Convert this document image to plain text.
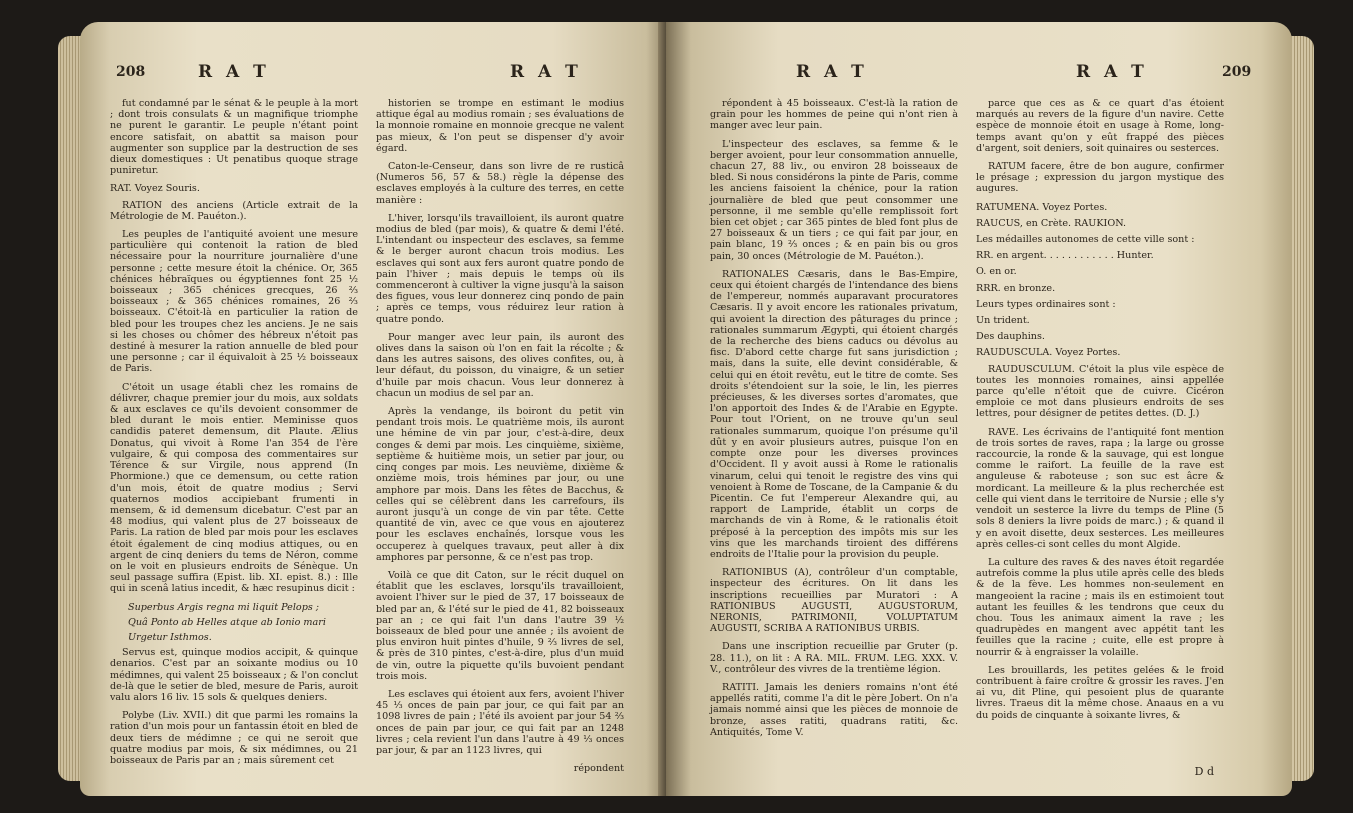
208	R A T	R A T

fut condamné par le sénat & le peuple à la mort ; dont trois consulats & un magnifique triomphe ne purent le garantir. Le peuple n'étant point encore satisfait, on abattit sa maison pour augmenter son supplice par la destruction de ses dieux domestiques : Ut penatibus quoque strage puniretur.

RAT. Voyez Souris.

RATION des anciens (Article extrait de la Métrologie de M. Pauéton.).

Les peuples de l'antiquité avoient une mesure particulière qui contenoit la ration de bled nécessaire pour la nourriture journalière d'une personne ; cette mesure étoit la chénice. Or, 365 chénices hébraïques ou égyptiennes font 25 ½ boisseaux ; 365 chénices grecques, 26 ⅔ boisseaux ; & 365 chénices romaines, 26 ⅔ boisseaux. C'étoit-là en particulier la ration de bled pour les troupes chez les anciens. Je ne sais si les choses ou chômer des hébreux n'étoit pas destiné à mesurer la ration annuelle de bled pour une personne ; car il équivaloit à 25 ½ boisseaux de Paris.

C'étoit un usage établi chez les romains de délivrer, chaque premier jour du mois, aux soldats & aux esclaves ce qu'ils devoient consommer de bled durant le mois entier. Meminisse quos candidis pateret demensum, dit Plaute. Ælius Donatus, qui vivoit à Rome l'an 354 de l'ère vulgaire, & qui composa des commentaires sur Térence & sur Virgile, nous apprend (In Phormione.) que ce demensum, ou cette ration d'un mois, étoit de quatre modius ; Servi quaternos modios accipiebant frumenti in mensem, & id demensum dicebatur. C'est par an 48 modius, qui valent plus de 27 boisseaux de Paris. La ration de bled par mois pour les esclaves étoit également de cinq modius attiques, ou en argent de cinq deniers du tems de Néron, comme on le voit en plusieurs endroits de Sénèque. Un seul passage suffira (Epist. lib. XI. epist. 8.) : Ille qui in scenâ latius incedit, & hæc resupinus dicit :

Superbus Argis regna mi liquit Pelops ;

Quâ Ponto ab Helles atque ab Ionio mari

Urgetur Isthmos.

Servus est, quinque modios accipit, & quinque denarios. C'est par an soixante modius ou 10 médimnes, qui valent 25 boisseaux ; & l'on conclut de-là que le setier de bled, mesure de Paris, auroit valu alors 16 liv. 15 sols & quelques deniers.

Polybe (Liv. XVII.) dit que parmi les romains la ration d'un mois pour un fantassin étoit en bled de deux tiers de médimne ; ce qui ne seroit que quatre modius par mois, & six médimnes, ou 21 boisseaux de Paris par an ; mais sûrement cet

historien se trompe en estimant le modius attique égal au modius romain ; ses évaluations de la monnoie romaine en monnoie grecque ne valent pas mieux, & l'on peut se dispenser d'y avoir égard.

Caton-le-Censeur, dans son livre de re rusticâ (Numeros 56, 57 & 58.) règle la dépense des esclaves employés à la culture des terres, en cette manière :

L'hiver, lorsqu'ils travailloient, ils auront quatre modius de bled (par mois), & quatre & demi l'été. L'intendant ou inspecteur des esclaves, sa femme & le berger auront chacun trois modius. Les esclaves qui sont aux fers auront quatre pondo de pain l'hiver ; mais depuis le temps où ils commenceront à cultiver la vigne jusqu'à la saison des figues, vous leur donnerez cinq pondo de pain ; après ce temps, vous réduirez leur ration à quatre pondo.

Pour manger avec leur pain, ils auront des olives dans la saison où l'on en fait la récolte ; & dans les autres saisons, des olives confites, ou, à leur défaut, du poisson, du vinaigre, & un setier d'huile par mois chacun. Vous leur donnerez à chacun un modius de sel par an.

Après la vendange, ils boiront du petit vin pendant trois mois. Le quatrième mois, ils auront une hémine de vin par jour, c'est-à-dire, deux conges & demi par mois. Les cinquième, sixième, septième & huitième mois, un setier par jour, ou cinq conges par mois. Les neuvième, dixième & onzième mois, trois hémines par jour, ou une amphore par mois. Dans les fêtes de Bacchus, & celles qui se célèbrent dans les carrefours, ils auront jusqu'à un conge de vin par tête. Cette quantité de vin, avec ce que vous en ajouterez pour les esclaves enchaînés, lorsque vous les occuperez à quelques travaux, peut aller à dix amphores par personne, & ce n'est pas trop.

Voilà ce que dit Caton, sur le récit duquel on établit que les esclaves, lorsqu'ils travailloient, avoient l'hiver sur le pied de 37, 17 boisseaux de bled par an, & l'été sur le pied de 41, 82 boisseaux par an ; ce qui fait l'un dans l'autre 39 ½ boisseaux de bled pour une année ; ils avoient de plus environ huit pintes d'huile, 9 ⅔ livres de sel, & près de 310 pintes, c'est-à-dire, plus d'un muid de vin, outre la piquette qu'ils buvoient pendant trois mois.

Les esclaves qui étoient aux fers, avoient l'hiver 45 ⅓ onces de pain par jour, ce qui fait par an 1098 livres de pain ; l'été ils avoient par jour 54 ⅔ onces de pain par jour, ce qui fait par an 1248 livres ; cela revient l'un dans l'autre à 49 ⅓ onces par jour, & par an 1123 livres, qui

répondent
R A T	R A T	209

répondent à 45 boisseaux. C'est-là la ration de grain pour les hommes de peine qui n'ont rien à manger avec leur pain.

L'inspecteur des esclaves, sa femme & le berger avoient, pour leur consommation annuelle, chacun 27, 88 liv., ou environ 28 boisseaux de bled. Si nous considérons la pinte de Paris, comme les anciens faisoient la chénice, pour la ration journalière de bled que peut consommer une personne, il me semble qu'elle remplissoit fort bien cet objet ; car 365 pintes de bled font plus de 27 boisseaux & un tiers ; ce qui fait par jour, en pain blanc, 19 ⅔ onces ; & en pain bis ou gros pain, 30 onces (Métrologie de M. Pauéton.).

RATIONALES Cæsaris, dans le Bas-Empire, ceux qui étoient chargés de l'intendance des biens de l'empereur, nommés auparavant procuratores Cæsaris. Il y avoit encore les rationales privatum, qui avoient la direction des pâturages du prince ; rationales summarum Ægypti, qui étoient chargés de la recherche des biens caducs ou dévolus au fisc. D'abord cette charge fut sans jurisdiction ; mais, dans la suite, elle devint considérable, & celui qui en étoit revêtu, eut le titre de comte. Ses droits s'étendoient sur la soie, le lin, les pierres précieuses, & les diverses sortes d'aromates, que l'on apportoit des Indes & de l'Arabie en Egypte. Pour tout l'Orient, on ne trouve qu'un seul rationales summarum, quoique l'on présume qu'il dût y en avoir plusieurs autres, puisque l'on en compte onze pour les diverses provinces d'Occident. Il y avoit aussi à Rome le rationalis vinarum, celui qui tenoit le registre des vins qui venoient à Rome de Toscane, de la Campanie & du Picentin. Ce fut l'empereur Alexandre qui, au rapport de Lampride, établit un corps de marchands de vin à Rome, & le rationalis étoit préposé à la perception des impôts mis sur les vins que les marchands tiroient des différens endroits de l'Italie pour la provision du peuple.

RATIONIBUS (A), contrôleur d'un comptable, inspecteur des écritures. On lit dans les inscriptions recueillies par Muratori : A RATIONIBUS AUGUSTI, AUGUSTORUM, NERONIS, PATRIMONII, VOLUPTATUM AUGUSTI, SCRIBA A RATIONIBUS URBIS.

Dans une inscription recueillie par Gruter (p. 28. 11.), on lit : A RA. MIL. FRUM. LEG. XXX. V. V., contrôleur des vivres de la trentième légion.

RATITI. Jamais les deniers romains n'ont été appellés ratiti, comme l'a dit le père Jobert. On n'a jamais nommé ainsi que les pièces de monnoie de bronze, asses ratiti, quadrans ratiti, &c. Antiquités, Tome V.

parce que ces as & ce quart d'as étoient marqués au revers de la figure d'un navire. Cette espèce de monnoie étoit en usage à Rome, long-temps avant qu'on y eût frappé des pièces d'argent, soit deniers, soit quinaires ou sesterces.

RATUM facere, être de bon augure, confirmer le présage ; expression du jargon mystique des augures.

RATUMENA. Voyez Portes.

RAUCUS, en Crète. RAUKION.

Les médailles autonomes de cette ville sont :

RR. en argent. . . . . . . . . . . . Hunter.

O. en or.

RRR. en bronze.

Leurs types ordinaires sont :

Un trident.

Des dauphins.

RAUDUSCULA. Voyez Portes.

RAUDUSCULUM. C'étoit la plus vile espèce de toutes les monnoies romaines, ainsi appellée parce qu'elle n'étoit que de cuivre. Cicéron emploie ce mot dans plusieurs endroits de ses lettres, pour désigner de petites dettes. (D. J.)

RAVE. Les écrivains de l'antiquité font mention de trois sortes de raves, rapa ; la large ou grosse raccourcie, la ronde & la sauvage, qui est longue comme le raifort. La feuille de la rave est anguleuse & raboteuse ; son suc est âcre & mordicant. La meilleure & la plus recherchée est celle qui vient dans le territoire de Nursie ; elle s'y vendoit un sesterce la livre du temps de Pline (5 sols 8 deniers la livre poids de marc.) ; & quand il y en avoit disette, deux sesterces. Les meilleures après celles-ci sont celles du mont Algide.

La culture des raves & des naves étoit regardée autrefois comme la plus utile après celle des bleds & de la fève. Les hommes non-seulement en mangeoient la racine ; mais ils en estimoient tout autant les feuilles & les tendrons que ceux du chou. Tous les animaux aiment la rave ; les quadrupèdes en mangent avec appétit tant les feuilles que la racine ; cuite, elle est propre à nourrir & à engraisser la volaille.

Les brouillards, les petites gelées & le froid contribuent à faire croître & grossir les raves. J'en ai vu, dit Pline, qui pesoient plus de quarante livres. Traeus dit la même chose. Anaaus en a vu du poids de cinquante à soixante livres, &

D d
